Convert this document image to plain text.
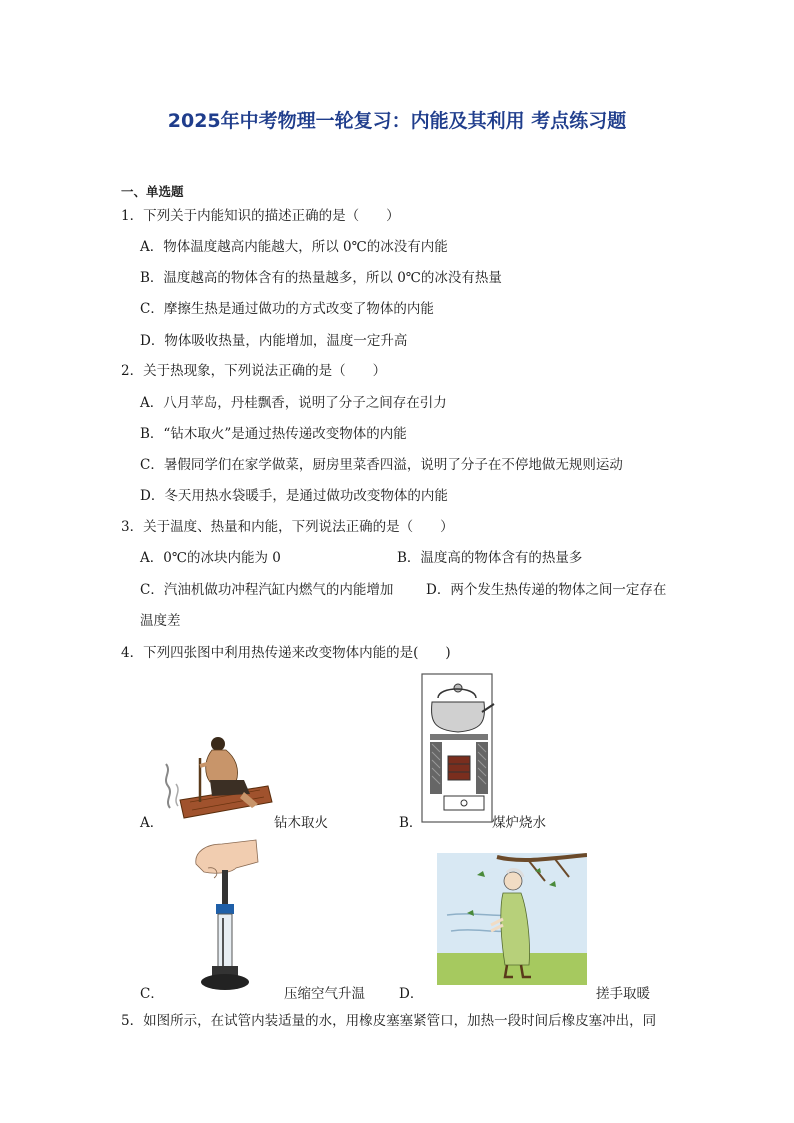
2025年中考物理一轮复习：内能及其利用 考点练习题
一、单选题
1．下列关于内能知识的描述正确的是（　　）
A．物体温度越高内能越大，所以 0℃的冰没有内能
B．温度越高的物体含有的热量越多，所以 0℃的冰没有热量
C．摩擦生热是通过做功的方式改变了物体的内能
D．物体吸收热量，内能增加，温度一定升高
2．关于热现象，下列说法正确的是（　　）
A．八月苹岛，丹桂飘香，说明了分子之间存在引力
B．“钻木取火”是通过热传递改变物体的内能
C．暑假同学们在家学做菜，厨房里菜香四溢，说明了分子在不停地做无规则运动
D．冬天用热水袋暖手，是通过做功改变物体的内能
3．关于温度、热量和内能，下列说法正确的是（　　）
A．0℃的冰块内能为 0	B．温度高的物体含有的热量多
C．汽油机做功冲程汽缸内燃气的内能增加 D．两个发生热传递的物体之间一定存在
温度差
4．下列四张图中利用热传递来改变物体内能的是(　　)
A．	钻木取火	B．	煤炉烧水
C．	压缩空气升温	D．	搓手取暖
5．如图所示，在试管内装适量的水，用橡皮塞塞紧管口，加热一段时间后橡皮塞冲出，同
